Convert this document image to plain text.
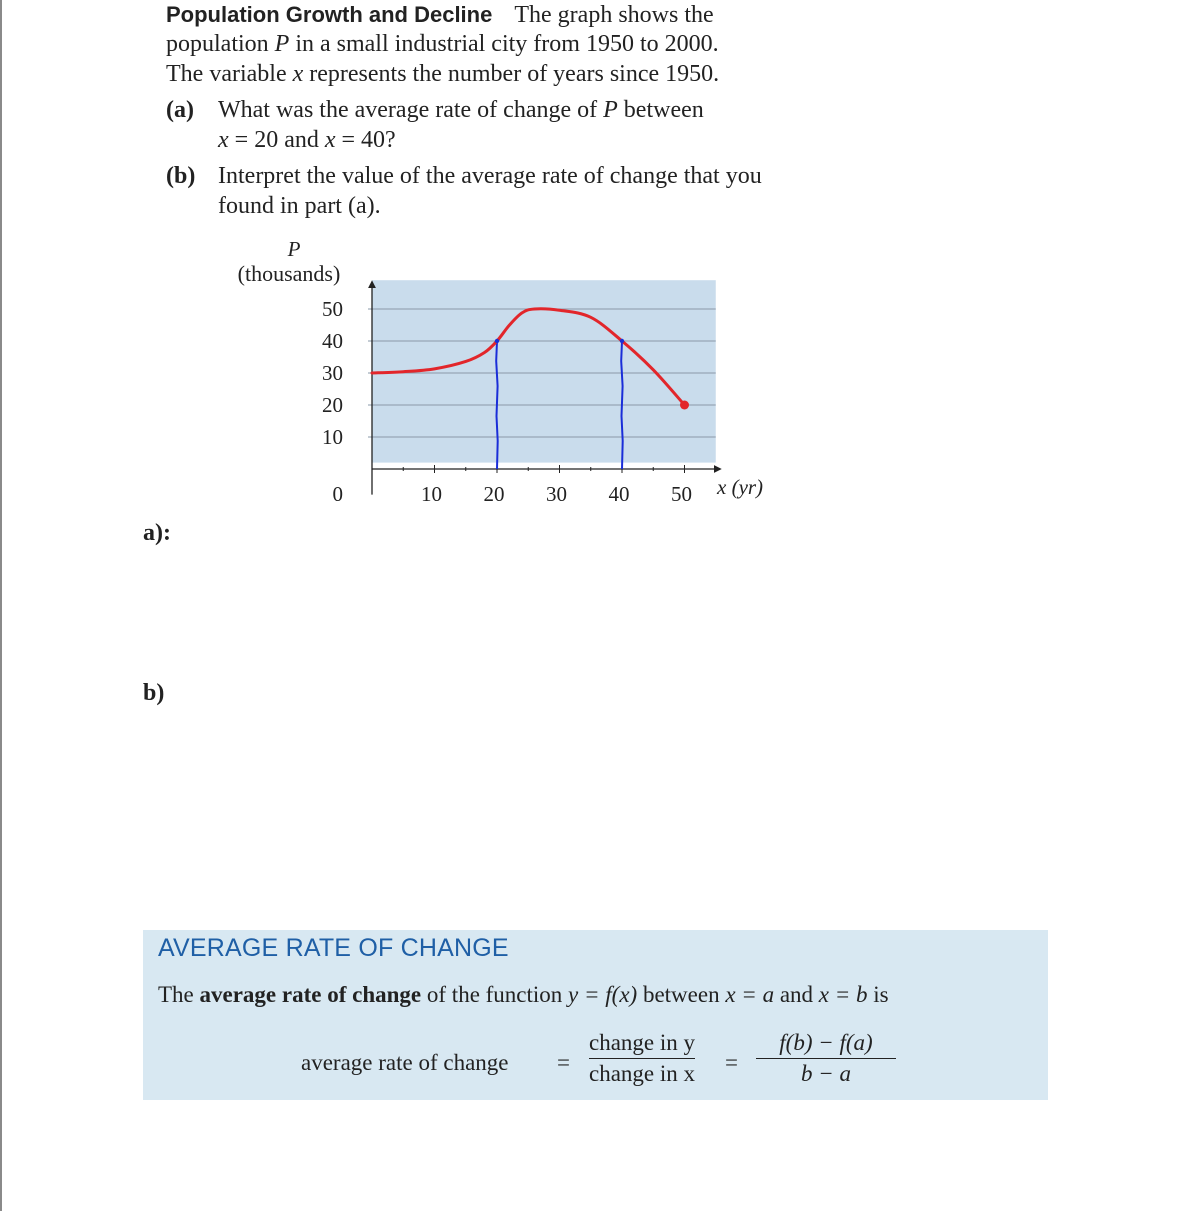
Population Growth and Decline The graph shows the
population P in a small industrial city from 1950 to 2000.
The variable x represents the number of years since 1950.
(a) What was the average rate of change of P between
x = 20 and x = 40?
(b) Interpret the value of the average rate of change that you
found in part (a).
10
20
30
40
50
10 20 30 40 50
0
P
(thousands)
x (yr)
a):
b)
AVERAGE RATE OF CHANGE
The average rate of change of the function y = f(x) between x = a and x = b is
average rate of change =
change in y
change in $x = \frac{f(b) - f(a)}{b - a}$
